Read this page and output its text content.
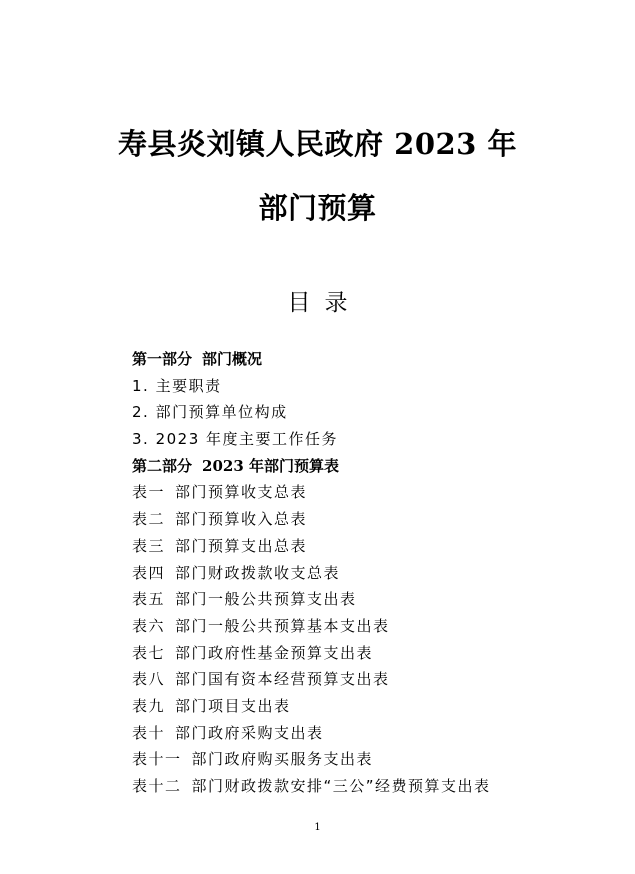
寿县炎刘镇人民政府 2023 年
部门预算
目 录
第一部分 部门概况
1. 主要职责
2. 部门预算单位构成
3. 2023 年度主要工作任务
第二部分 2023 年部门预算表
表一 部门预算收支总表
表二 部门预算收入总表
表三 部门预算支出总表
表四 部门财政拨款收支总表
表五 部门一般公共预算支出表
表六 部门一般公共预算基本支出表
表七 部门政府性基金预算支出表
表八 部门国有资本经营预算支出表
表九 部门项目支出表
表十 部门政府采购支出表
表十一 部门政府购买服务支出表
表十二 部门财政拨款安排“三公”经费预算支出表
1
